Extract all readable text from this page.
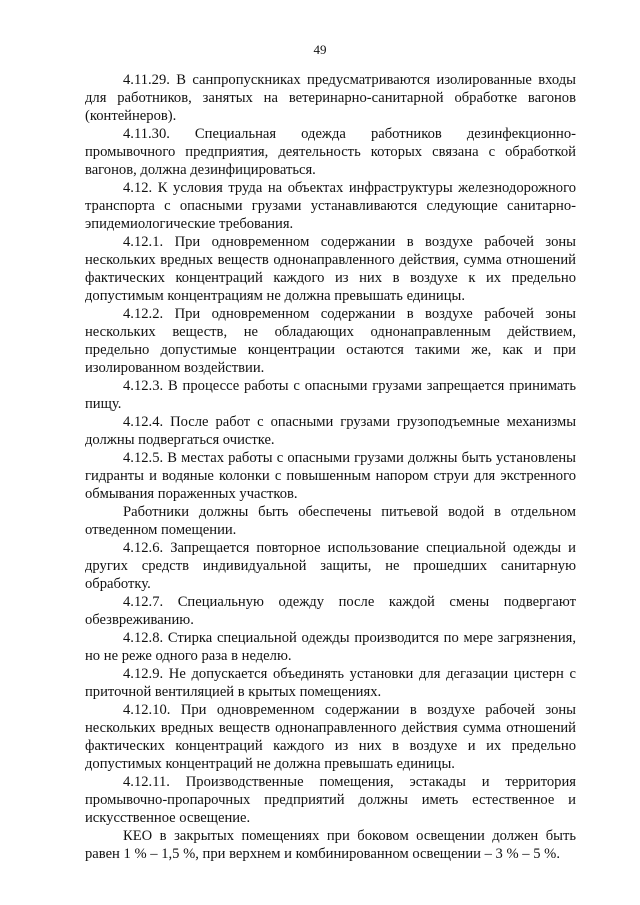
49

4.11.29. В санпропускниках предусматриваются изолированные входы для работников, занятых на ветеринарно-санитарной обработке вагонов (контейнеров).

4.11.30. Специальная одежда работников дезинфекционно-промывочного предприятия, деятельность которых связана с обработкой вагонов, должна дезинфицироваться.

4.12. К условия труда на объектах инфраструктуры железнодорожного транспорта с опасными грузами устанавливаются следующие санитарно-эпидемиологические требования.

4.12.1. При одновременном содержании в воздухе рабочей зоны нескольких вредных веществ однонаправленного действия, сумма отношений фактических концентраций каждого из них в воздухе к их предельно допустимым концентрациям не должна превышать единицы.

4.12.2. При одновременном содержании в воздухе рабочей зоны нескольких веществ, не обладающих однонаправленным действием, предельно допустимые концентрации остаются такими же, как и при изолированном воздействии.

4.12.3. В процессе работы с опасными грузами запрещается принимать пищу.

4.12.4. После работ с опасными грузами грузоподъемные механизмы должны подвергаться очистке.

4.12.5. В местах работы с опасными грузами должны быть установлены гидранты и водяные колонки с повышенным напором струи для экстренного обмывания пораженных участков.

Работники должны быть обеспечены питьевой водой в отдельном отведенном помещении.

4.12.6. Запрещается повторное использование специальной одежды и других средств индивидуальной защиты, не прошедших санитарную обработку.

4.12.7. Специальную одежду после каждой смены подвергают обезвреживанию.

4.12.8. Стирка специальной одежды производится по мере загрязнения, но не реже одного раза в неделю.

4.12.9. Не допускается объединять установки для дегазации цистерн с приточной вентиляцией в крытых помещениях.

4.12.10. При одновременном содержании в воздухе рабочей зоны нескольких вредных веществ однонаправленного действия сумма отношений фактических концентраций каждого из них в воздухе и их предельно допустимых концентраций не должна превышать единицы.

4.12.11. Производственные помещения, эстакады и территория промывочно-пропарочных предприятий должны иметь естественное и искусственное освещение.

КЕО в закрытых помещениях при боковом освещении должен быть равен 1 % – 1,5 %, при верхнем и комбинированном освещении – 3 % – 5 %.
